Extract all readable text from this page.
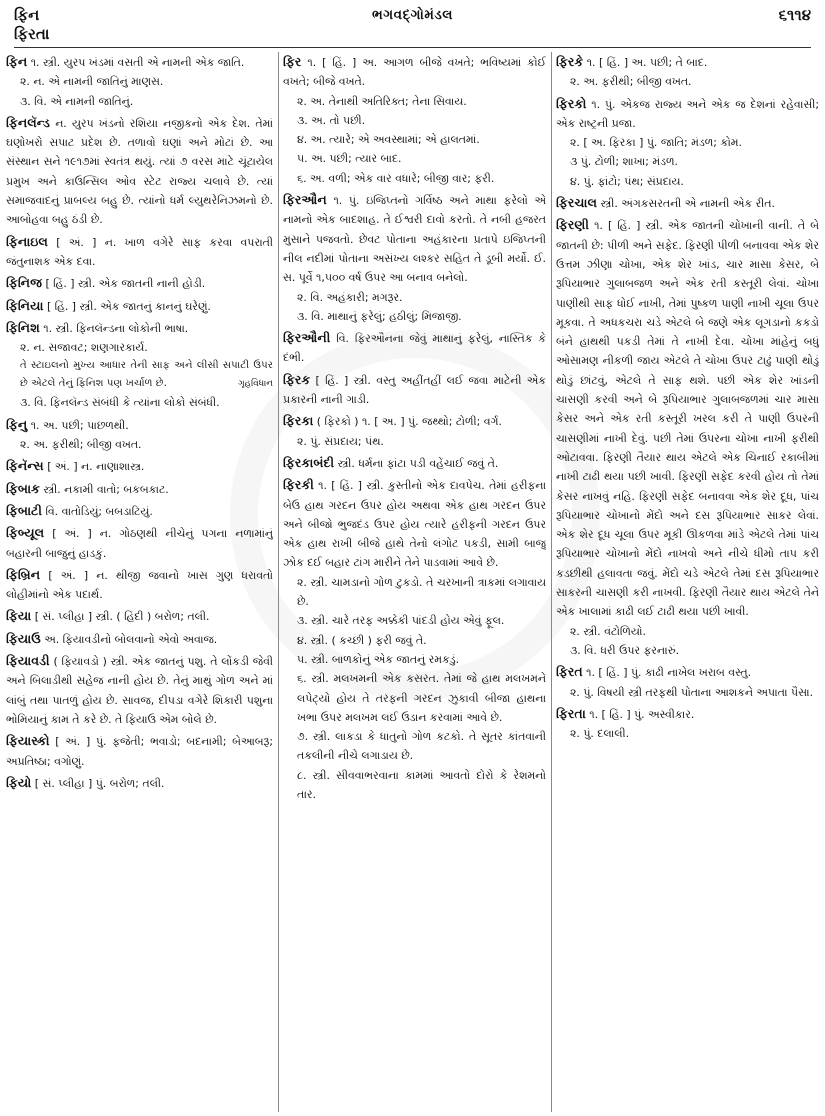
ફિન
ફિરતા
ભગવદ્ગોમંડલ	૬૧૧૪
ફિન ૧. સ્ત્રી. યુરપ ખંડમાં વસતી એ નામની એક જાતિ.
૨. ન. એ નામની જાતિનું માણસ.
૩. વિ. એ નામની જાતિનું.
ફિનલૅન્ડ ન. યુરપ ખંડનો રશિયા નજીકનો એક દેશ. તેમાં ઘણોખરો સપાટ પ્રદેશ છે. તળાવો ઘણાં અને મોટાં છે. આ સંસ્થાન સને ૧૯૧૭માં સ્વતંત્ર થયું. ત્યાં ૭ વરસ માટે ચૂંટાયેલ પ્રમુખ અને કાઉન્સિલ ઓવ સ્ટેટ રાજ્ય ચલાવે છે. ત્યાં સમાજવાદનું પ્રાબલ્ય બહુ છે. ત્યાંનો ધર્મ લ્યુથરેનિઝમનો છે. આબોહવા બહુ ઠંડી છે.
ફિનાઇલ [ અં. ] ન. ખાળ વગેરે સાફ કરવા વપરાતી જંતુનાશક એક દવા.
ફિનિજ [ હિં. ] સ્ત્રી. એક જાતની નાની હોડી.
ફિનિયા [ હિં. ] સ્ત્રી. એક જાતનું કાનનું ઘરેણું.
ફિનિશ ૧. સ્ત્રી. ફિનલૅન્ડના લોકોની ભાષા.
૨. ન. સજાવટ; શણગારકાર્ય.
તે સ્ટાઇલનો મુખ્ય આધાર તેની સાફ અને લીસી સપાટી ઉપર છે એટલે તેનું ફિનિશ પણ ખર્ચાળ છે.	ગૃહવિધાન
૩. વિ. ફિનલૅન્ડ સંબંધી કે ત્યાંના લોકો સંબંધી.
ફિનુ ૧. અ. પછી; પાછળથી.
૨. અ. ફરીથી; બીજી વખત.
ફિનૅન્સ [ અં. ] ન. નાણાશાસ્ત્ર.
ફિબાક સ્ત્રી. નકામી વાતો; બકબકાટ.
ફિબાટી વિ. વાતોડિયું; બબડાટિયું.
ફિબ્યૂલ [ અં. ] ન. ગોઠણથી નીચેનું પગના નળામાંનું બહારની બાજુનું હાડકું.
ફિબ્રિન [ અં. ] ન. થીજી જવાનો ખાસ ગુણ ધરાવતો લોહીમાંનો એક પદાર્થ.
ફિયા [ સં. પ્લીહા ] સ્ત્રી. ( હિંદી ) બરોળ; તલી.
ફિયાઉ અ. ફિયાવડીનો બોલવાનો એવો અવાજ.
ફિયાવડી ( ફિયાવડો ) સ્ત્રી. એક જાતનું પશુ. તે લોંકડી જેવી અને બિલાડીથી સહેજ નાની હોય છે. તેનું માથું ગોળ અને માં લાંબું તથા પાતળું હોય છે. સાવજ, દીપડા વગેરે શિકારી પશુના ભોમિયાનું કામ તે કરે છે. તે ફિયાઉ એમ બોલે છે.
ફિયાસ્કો [ અં. ] પું. ફજેતી; ભવાડો; બદનામી; બેઆબરૂ; અપ્રતિષ્ઠા; વગોણું.
ફિયો [ સં. પ્લીહા ] પું. બરોળ; તલી.
ફિર ૧. [ હિં. ] અ. આગળ બીજે વખતે; ભવિષ્યમાં કોઈ વખતે; બીજે વખતે.
૨. અ. તેનાથી અતિરિક્ત; તેના સિવાય.
૩. અ. તો પછી.
૪. અ. ત્યારે; એ અવસ્થામાં; એ હાલતમાં.
૫. અ. પછી; ત્યાર બાદ.
૬. અ. વળી; એક વાર વધારે; બીજી વાર; ફરી.
ફિરઔન ૧. પું. ઇજિપ્તનો ગર્વિષ્ઠ અને માથા ફરેલો એ નામનો એક બાદશાહ. તે ઈશ્વરી દાવો કરતો. તે નબી હજરત મુસાને પજવતો. છેવટ પોતાના અહંકારના પ્રતાપે ઇજિપ્તની નીલ નદીમાં પોતાના અસંખ્ય લશ્કર સહિત તે ડૂબી મર્યો. ઈ. સ. પૂર્વે ૧,૫૦૦ વર્ષ ઉપર આ બનાવ બનેલો.
૨. વિ. અહંકારી; મગરૂર.
૩. વિ. માથાનું ફરેલું; હઠીલું; મિજાજી.
ફિરઔની વિ. ફિરઔનના જેવું માથાનું ફરેલું, નાસ્તિક કે દંભી.
ફિરક [ હિં. ] સ્ત્રી. વસ્તુ અહીંતહીં લઈ જવા માટેની એક પ્રકારની નાની ગાડી.
ફિરકા ( ફિરકો ) ૧. [ અ. ] પું. જથ્થો; ટોળી; વર્ગ.
૨. પું. સંપ્રદાય; પંથ.
ફિરકાબંદી સ્ત્રી. ધર્મના ફાંટા પડી વહેંચાઈ જવું તે.
ફિરકી ૧. [ હિં. ] સ્ત્રી. કુસ્તીનો એક દાવપેચ. તેમાં હરીફના બેઉ હાથ ગરદન ઉપર હોય અથવા એક હાથ ગરદન ઉપર અને બીજો ભુજદંડ ઉપર હોય ત્યારે હરીફની ગરદન ઉપર એક હાથ રાખી બીજે હાથે તેનો લંગોટ પકડી, સામી બાજુ ઝોક દઈ બહાર ટાંગ મારીને તેને પાડવામાં આવે છે.
૨. સ્ત્રી. ચામડાનો ગોળ ટુકડો. તે ચરખાની ત્રાકમાં લગાવાય છે.
૩. સ્ત્રી. ચારે તરફ અક્કેકી પાંદડી હોય એવું ફૂલ.
૪. સ્ત્રી. ( કચ્છી ) ફરી જવું તે.
૫. સ્ત્રી. બાળકોનું એક જાતનું રમકડું.
૬. સ્ત્રી. મલખમની એક કસરત. તેમાં જે હાથ મલખમને લપેટ્યો હોય તે તરફની ગરદન ઝુકાવી બીજા હાથના ખભા ઉપર મલખમ લઈ ઉડાન કરવામાં આવે છે.
૭. સ્ત્રી. લાકડા કે ધાતુનો ગોળ કટકો. તે સૂતર કાંતવાની તકલીની નીચે લગાડાય છે.
૮. સ્ત્રી. સીવવાભરવાના કામમાં આવતો દોરો કે રેશમનો તાર.
ફિરકે ૧. [ હિં. ] અ. પછી; તે બાદ.
૨. અ. ફરીથી; બીજી વખત.
ફિરકો ૧. પું. એકજ રાજ્ય અને એક જ દેશનાં રહેવાસી; એક રાષ્ટ્રની પ્રજા.
૨. [ અ. ફિરકા ] પું. જાતિ; મંડળ; કોમ.
૩ પું. ટોળી; શાખા; મંડળ.
૪. પું. ફાંટો; પંથ; સંપ્રદાય.
ફિરચાલ સ્ત્રી. અંગકસરતની એ નામની એક રીત.
ફિરણી ૧. [ હિં. ] સ્ત્રી. એક જાતની ચોખાની વાની. તે બે જાતની છે: પીળી અને સફેદ. ફિરણી પીળી બનાવવા એક શેર ઉત્તમ ઝીણા ચોખા, એક શેર ખાંડ, ચાર માસા કેસર, બે રૂપિયાભાર ગુલાબજળ અને એક રતી કસ્તૂરી લેવાં. ચોખા પાણીથી સાફ ધોઈ નાખી, તેમાં પુષ્કળ પાણી નાખી ચૂલા ઉપર મૂકવા. તે અધકચરા ચડે એટલે બે જણે એક લૂગડાનો કકડો બંને હાથથી પકડી તેમાં તે નાખી દેવા. ચોખા માંહેનું બધું ઓસામણ નીકળી જાય એટલે તે ચોખા ઉપર ટાઢું પાણી થોડું થોડું છાંટવું, એટલે તે સાફ થશે. પછી એક શેર ખાંડની ચાસણી કરવી અને બે રૂપિયાભાર ગુલાબજળમાં ચાર માસા કેસર અને એક રતી કસ્તૂરી ખરલ કરી તે પાણી ઉપરની ચાસણીમાં નાખી દેવું. પછી તેમાં ઉપરના ચોખા નાખી ફરીથી ઓટાવવા. ફિરણી તૈયાર થાય એટલે એક ચિનાઈ રકાબીમાં નાખી ટાઢી થયા પછી ખાવી. ફિરણી સફેદ કરવી હોય તો તેમાં કેસર નાખવું નહિ. ફિરણી સફેદ બનાવવા એક શેર દૂધ, પાંચ રૂપિયાભાર ચોખાનો મેંદો અને દસ રૂપિયાભાર સાકર લેવાં. એક શેર દૂધ ચૂલા ઉપર મૂકી ઊકળવા માંડે એટલે તેમાં પાંચ રૂપિયાભાર ચોખાનો મેંદો નાખવો અને નીચે ધીમો તાપ કરી કડછીથી હલાવતા જવું. મેંદો ચડે એટલે તેમાં દસ રૂપિયાભાર સાકરની ચાસણી કરી નાખવી. ફિરણી તૈયાર થાય એટલે તેને એક ખાલામાં કાઢી લઈ ટાઢી થયા પછી ખાવી.
૨. સ્ત્રી. વંટોળિયો.
૩. વિ. ધરી ઉપર ફરનારું.
ફિરત ૧. [ હિં. ] પું. કાઢી નાખેલ ખરાબ વસ્તુ.
૨. પું. વિષયી સ્ત્રી તરફથી પોતાના આશકને અપાતા પૈસા.
ફિરતા ૧. [ હિં. ] પું. અસ્વીકાર.
૨. પું. દલાલી.
